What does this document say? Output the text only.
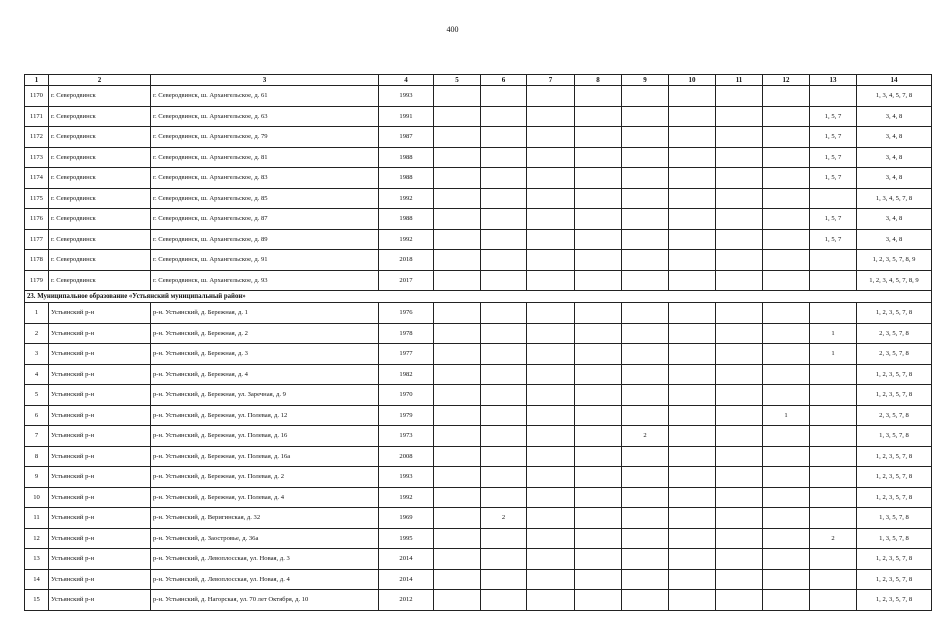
400
1	2	3	4	5	6	7	8	9	10	11	12	13	14
1170	г. Северодвинск	г. Северодвинск, ш. Архангельское, д. 61	1993										1, 3, 4, 5, 7, 8
1171	г. Северодвинск	г. Северодвинск, ш. Архангельское, д. 63	1991									1, 5, 7	3, 4, 8
1172	г. Северодвинск	г. Северодвинск, ш. Архангельское, д. 79	1987									1, 5, 7	3, 4, 8
1173	г. Северодвинск	г. Северодвинск, ш. Архангельское, д. 81	1988									1, 5, 7	3, 4, 8
1174	г. Северодвинск	г. Северодвинск, ш. Архангельское, д. 83	1988									1, 5, 7	3, 4, 8
1175	г. Северодвинск	г. Северодвинск, ш. Архангельское, д. 85	1992										1, 3, 4, 5, 7, 8
1176	г. Северодвинск	г. Северодвинск, ш. Архангельское, д. 87	1988									1, 5, 7	3, 4, 8
1177	г. Северодвинск	г. Северодвинск, ш. Архангельское, д. 89	1992									1, 5, 7	3, 4, 8
1178	г. Северодвинск	г. Северодвинск, ш. Архангельское, д. 91	2018										1, 2, 3, 5, 7, 8, 9
1179	г. Северодвинск	г. Северодвинск, ш. Архангельское, д. 93	2017										1, 2, 3, 4, 5, 7, 8, 9
23. Муниципальное образование «Устьянский муниципальный район»													
1	Устьянский р-н	р-н. Устьянский, д. Бережная, д. 1	1976										1, 2, 3, 5, 7, 8
2	Устьянский р-н	р-н. Устьянский, д. Бережная, д. 2	1978									1	2, 3, 5, 7, 8
3	Устьянский р-н	р-н. Устьянский, д. Бережная, д. 3	1977									1	2, 3, 5, 7, 8
4	Устьянский р-н	р-н. Устьянский, д. Бережная, д. 4	1982										1, 2, 3, 5, 7, 8
5	Устьянский р-н	р-н. Устьянский, д. Бережная, ул. Заречная, д. 9	1970										1, 2, 3, 5, 7, 8
6	Устьянский р-н	р-н. Устьянский, д. Бережная, ул. Полевая, д. 12	1979								1		2, 3, 5, 7, 8
7	Устьянский р-н	р-н. Устьянский, д. Бережная, ул. Полевая, д. 16	1973					2					1, 3, 5, 7, 8
8	Устьянский р-н	р-н. Устьянский, д. Бережная, ул. Полевая, д. 16а	2008										1, 2, 3, 5, 7, 8
9	Устьянский р-н	р-н. Устьянский, д. Бережная, ул. Полевая, д. 2	1993										1, 2, 3, 5, 7, 8
10	Устьянский р-н	р-н. Устьянский, д. Бережная, ул. Полевая, д. 4	1992										1, 2, 3, 5, 7, 8
11	Устьянский р-н	р-н. Устьянский, д. Веригинская, д. 32	1969		2								1, 3, 5, 7, 8
12	Устьянский р-н	р-н. Устьянский, д. Заостровье, д. 36а	1995									2	1, 3, 5, 7, 8
13	Устьянский р-н	р-н. Устьянский, д. Левоплосская, ул. Новая, д. 3	2014										1, 2, 3, 5, 7, 8
14	Устьянский р-н	р-н. Устьянский, д. Левоплосская, ул. Новая, д. 4	2014										1, 2, 3, 5, 7, 8
15	Устьянский р-н	р-н. Устьянский, д. Нагорская, ул. 70 лет Октября, д. 10	2012										1, 2, 3, 5, 7, 8
